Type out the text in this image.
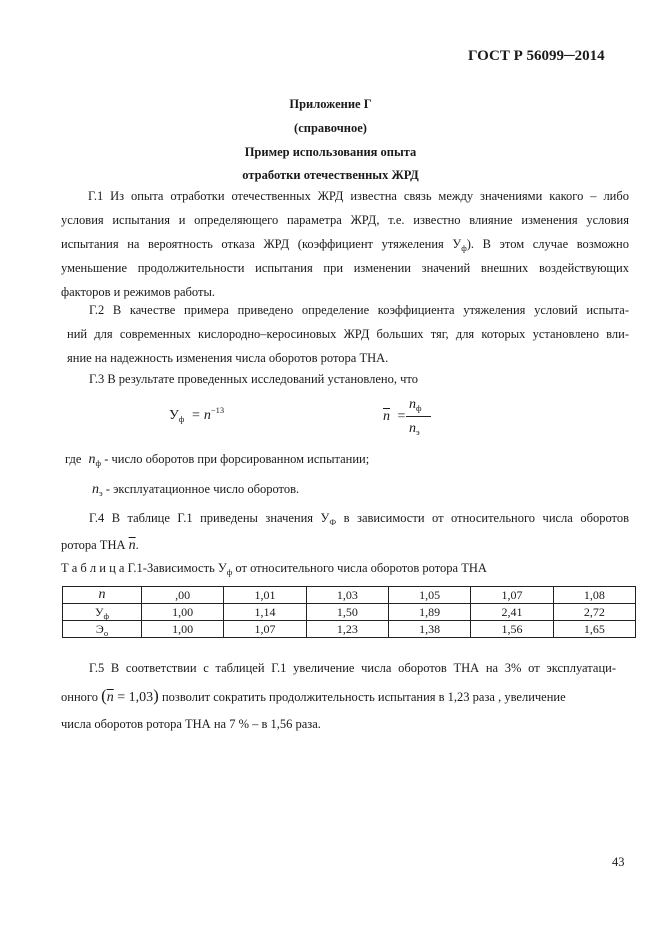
ГОСТ Р 56099─2014
Приложение Г
(справочное)
Пример использования опыта
отработки отечественных ЖРД
Г.1 Из опыта отработки отечественных ЖРД известна связь между значениями какого – либо
условия испытания и определяющего параметра ЖРД, т.е. известно влияние изменения условия
испытания на вероятность отказа ЖРД (коэффициент утяжеления $У_ф$). В этом случае возможно
уменьшение продолжительности испытания при изменении значений внешних воздействующих
факторов и режимов работы.
Г.2 В качестве примера приведено определение коэффициента утяжеления условий испыта-
ний для современных кислородно–керосиновых ЖРД больших тяг, для которых установлено вли-
яние на надежность изменения числа оборотов ротора ТНА.
Г.3 В результате проведенных исследований установлено, что
$У_ф = n^{-13}$	$\overline{n}$ =
$n_ф$
$n_э$
где $n_ф$ - число оборотов при форсированном испытании;
$n_э$ - эксплуатационное число оборотов.
Г.4 В таблице Г.1 приведены значения $У_Ф$ в зависимости от относительного числа оборотов
ротора ТНА $\overline{n}$.
Т а б л и ц а Г.1-Зависимость $У_ф$ от относительного числа оборотов ротора ТНА
$\overline{n}$	,00	1,01	1,03	1,05	1,07	1,08
$У_ф$	1,00	1,14	1,50	1,89	2,41	2,72
$Э_о$	1,00	1,07	1,23	1,38	1,56	1,65
Г.5 В соответствии с таблицей Г.1 увеличение числа оборотов ТНА на 3% от эксплуатаци-
онного $(\overline{n} = 1,03)$ позволит сократить продолжительность испытания в 1,23 раза , увеличение
числа оборотов ротора ТНА на 7 % – в 1,56 раза.
43
